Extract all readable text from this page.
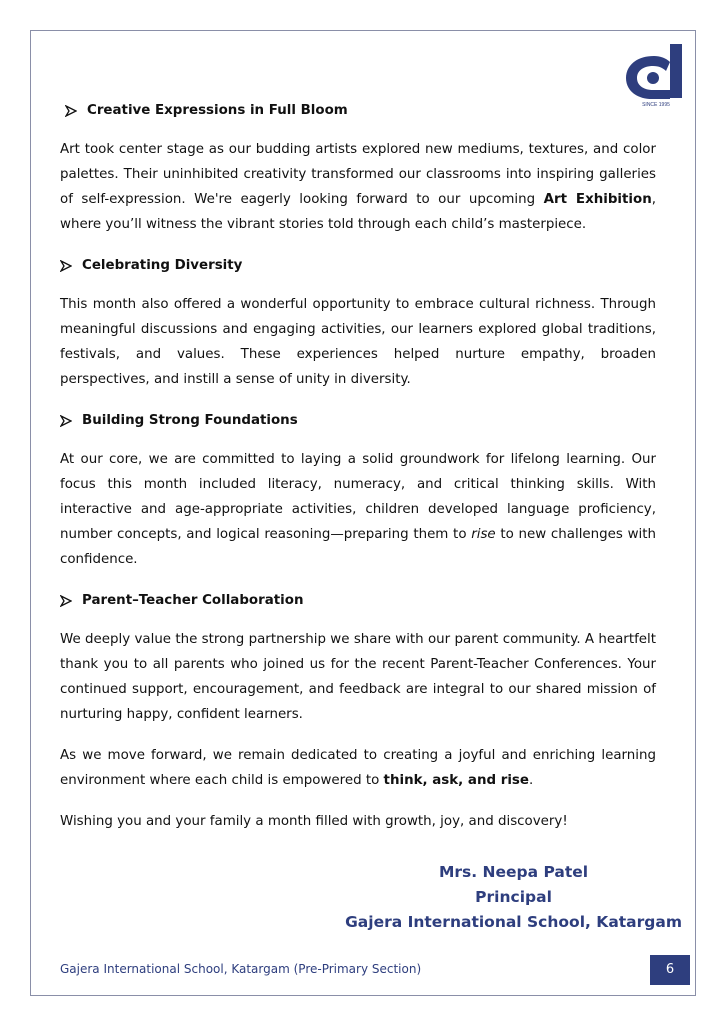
SINCE 1995
Creative Expressions in Full Bloom

Art took center stage as our budding artists explored new mediums, textures, and color palettes. Their uninhibited creativity transformed our classrooms into inspiring galleries of self-expression. We're eagerly looking forward to our upcoming Art Exhibition, where you’ll witness the vibrant stories told through each child’s masterpiece.

Celebrating Diversity

This month also offered a wonderful opportunity to embrace cultural richness. Through meaningful discussions and engaging activities, our learners explored global traditions, festivals, and values. These experiences helped nurture empathy, broaden perspectives, and instill a sense of unity in diversity.

Building Strong Foundations

At our core, we are committed to laying a solid groundwork for lifelong learning. Our focus this month included literacy, numeracy, and critical thinking skills. With interactive and age-appropriate activities, children developed language proficiency, number concepts, and logical reasoning—preparing them to rise to new challenges with confidence.

Parent–Teacher Collaboration

We deeply value the strong partnership we share with our parent community. A heartfelt thank you to all parents who joined us for the recent Parent-Teacher Conferences. Your continued support, encouragement, and feedback are integral to our shared mission of nurturing happy, confident learners.

As we move forward, we remain dedicated to creating a joyful and enriching learning environment where each child is empowered to think, ask, and rise.

Wishing you and your family a month filled with growth, joy, and discovery!

Mrs. Neepa Patel
Principal
Gajera International School, Katargam
Gajera International School, Katargam (Pre-Primary Section)	6
